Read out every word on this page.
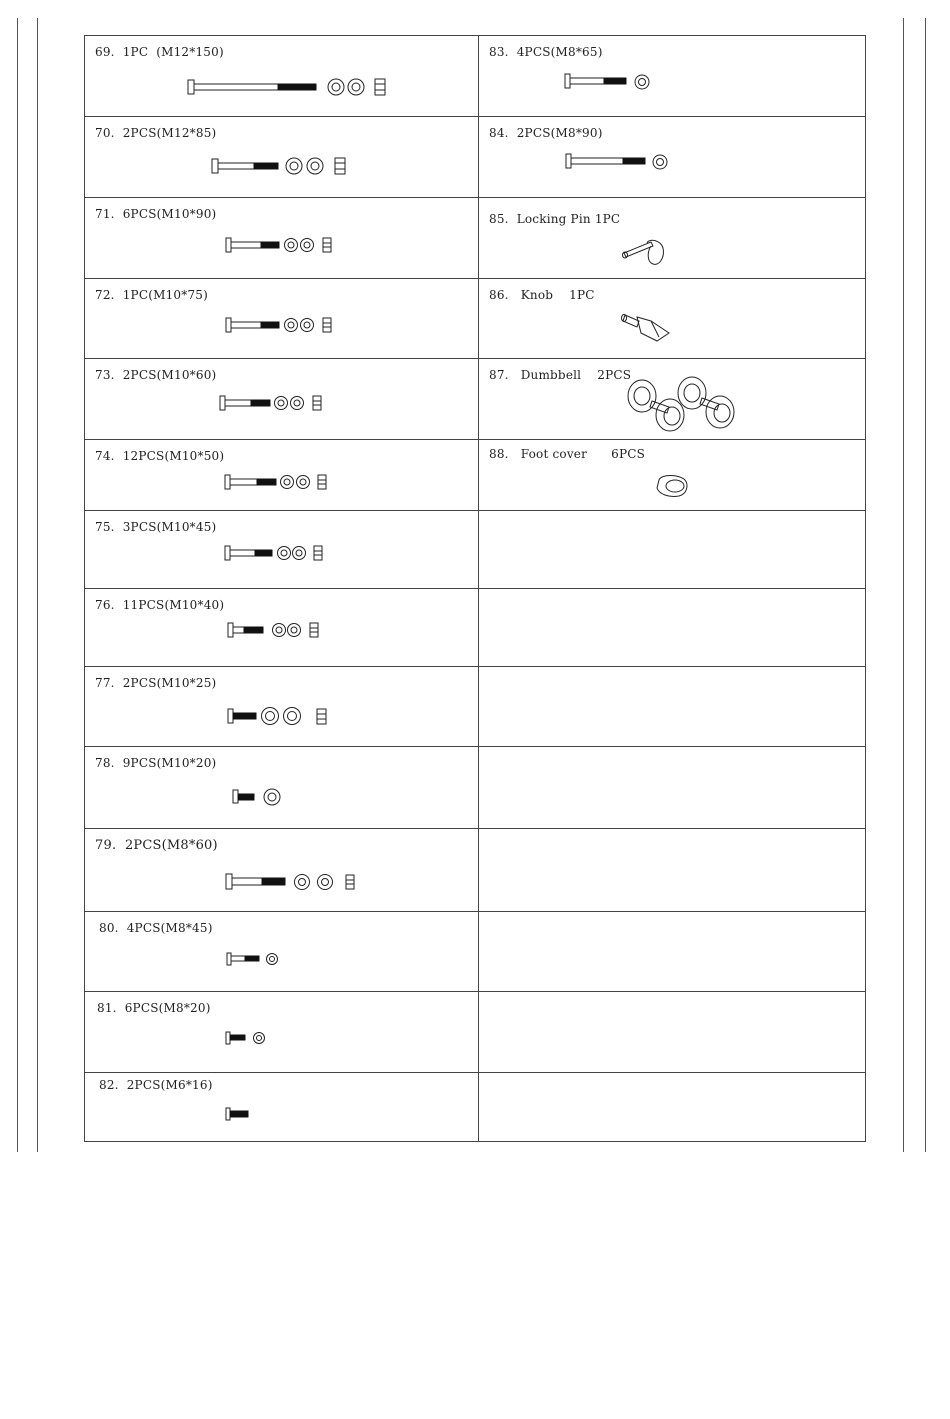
69.  1PC  (M12*150)	83.  4PCS(M8*65)

70.  2PCS(M12*85)	84.  2PCS(M8*90)

71.  6PCS(M10*90)	85.  Locking Pin 1PC

72.  1PC(M10*75)	86.   Knob    1PC

73.  2PCS(M10*60)	87.   Dumbbell    2PCS

74.  12PCS(M10*50)	88.   Foot cover      6PCS

75.  3PCS(M10*45)	

76.  11PCS(M10*40)	

77.  2PCS(M10*25)	

78.  9PCS(M10*20)	

79.  2PCS(M8*60)	

80.  4PCS(M8*45)	

81.  6PCS(M8*20)	

82.  2PCS(M6*16)	
